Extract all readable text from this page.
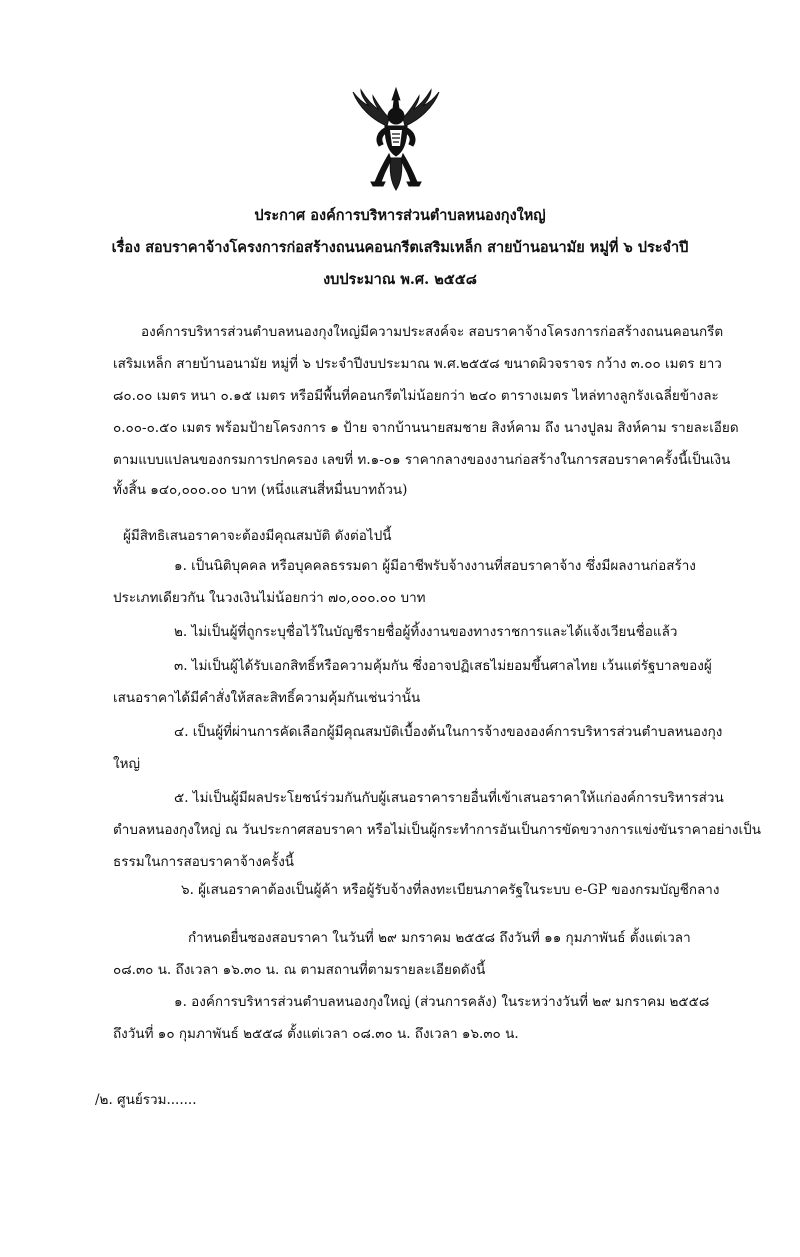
ประกาศ องค์การบริหารส่วนตำบลหนองกุงใหญ่
เรื่อง สอบราคาจ้างโครงการก่อสร้างถนนคอนกรีตเสริมเหล็ก สายบ้านอนามัย หมู่ที่ ๖ ประจำปี
งบประมาณ พ.ศ. ๒๕๕๘
องค์การบริหารส่วนตำบลหนองกุงใหญ่มีความประสงค์จะ สอบราคาจ้างโครงการก่อสร้างถนนคอนกรีต
เสริมเหล็ก สายบ้านอนามัย หมู่ที่ ๖ ประจำปีงบประมาณ พ.ศ.๒๕๕๘ ขนาดผิวจราจร กว้าง ๓.๐๐ เมตร ยาว
๘๐.๐๐ เมตร หนา ๐.๑๕ เมตร หรือมีพื้นที่คอนกรีตไม่น้อยกว่า ๒๔๐ ตารางเมตร ไหล่ทางลูกรังเฉลี่ยข้างละ
๐.๐๐-๐.๕๐ เมตร พร้อมป้ายโครงการ ๑ ป้าย จากบ้านนายสมชาย สิงห์คาม ถึง นางปูลม สิงห์คาม รายละเอียด
ตามแบบแปลนของกรมการปกครอง เลขที่ ท.๑-๐๑ ราคากลางของงานก่อสร้างในการสอบราคาครั้งนี้เป็นเงิน
ทั้งสิ้น ๑๔๐,๐๐๐.๐๐ บาท (หนึ่งแสนสี่หมื่นบาทถ้วน)
ผู้มีสิทธิเสนอราคาจะต้องมีคุณสมบัติ ดังต่อไปนี้
๑. เป็นนิติบุคคล หรือบุคคลธรรมดา ผู้มีอาชีพรับจ้างงานที่สอบราคาจ้าง ซึ่งมีผลงานก่อสร้าง
ประเภทเดียวกัน ในวงเงินไม่น้อยกว่า ๗๐,๐๐๐.๐๐ บาท
๒. ไม่เป็นผู้ที่ถูกระบุชื่อไว้ในบัญชีรายชื่อผู้ทิ้งงานของทางราชการและได้แจ้งเวียนชื่อแล้ว
๓. ไม่เป็นผู้ได้รับเอกสิทธิ์หรือความคุ้มกัน ซึ่งอาจปฏิเสธไม่ยอมขึ้นศาลไทย เว้นแต่รัฐบาลของผู้
เสนอราคาได้มีคำสั่งให้สละสิทธิ์ความคุ้มกันเช่นว่านั้น
๔. เป็นผู้ที่ผ่านการคัดเลือกผู้มีคุณสมบัติเบื้องต้นในการจ้างขององค์การบริหารส่วนตำบลหนองกุง
ใหญ่
๕. ไม่เป็นผู้มีผลประโยชน์ร่วมกันกับผู้เสนอราคารายอื่นที่เข้าเสนอราคาให้แก่องค์การบริหารส่วน
ตำบลหนองกุงใหญ่ ณ วันประกาศสอบราคา หรือไม่เป็นผู้กระทำการอันเป็นการขัดขวางการแข่งขันราคาอย่างเป็น
ธรรมในการสอบราคาจ้างครั้งนี้
๖. ผู้เสนอราคาต้องเป็นผู้ค้า หรือผู้รับจ้างที่ลงทะเบียนภาครัฐในระบบ e-GP ของกรมบัญชีกลาง
กำหนดยื่นซองสอบราคา ในวันที่ ๒๙ มกราคม ๒๕๕๘ ถึงวันที่ ๑๑ กุมภาพันธ์ ตั้งแต่เวลา
๐๘.๓๐ น. ถึงเวลา ๑๖.๓๐ น. ณ ตามสถานที่ตามรายละเอียดดังนี้
๑. องค์การบริหารส่วนตำบลหนองกุงใหญ่ (ส่วนการคลัง) ในระหว่างวันที่ ๒๙ มกราคม ๒๕๕๘
ถึงวันที่ ๑๐ กุมภาพันธ์ ๒๕๕๘ ตั้งแต่เวลา ๐๘.๓๐ น. ถึงเวลา ๑๖.๓๐ น.
/๒. ศูนย์รวม.......
